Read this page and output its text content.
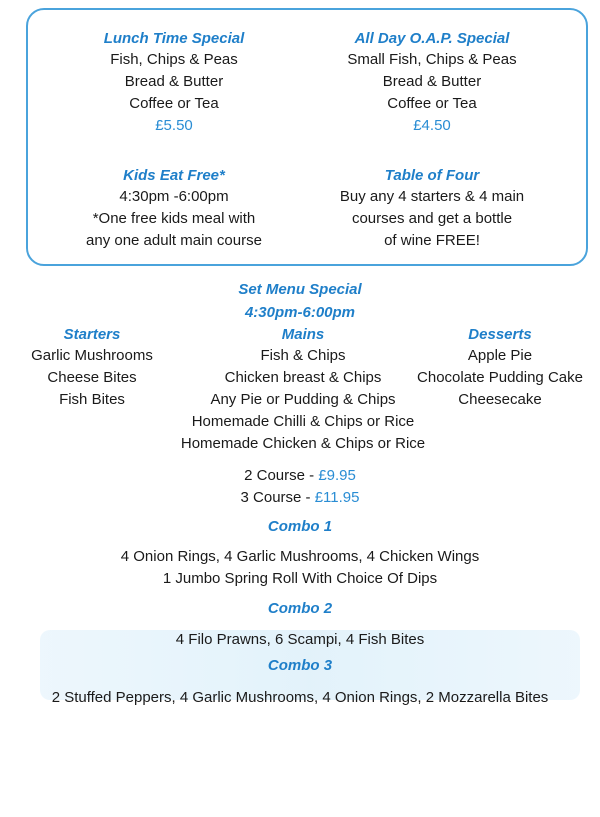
Lunch Time Special
Fish, Chips & Peas
Bread & Butter
Coffee or Tea
£5.50
All Day O.A.P. Special
Small Fish, Chips & Peas
Bread & Butter
Coffee or Tea
£4.50
Kids Eat Free*
4:30pm -6:00pm
*One free kids meal with
any one adult main course
Table of Four
Buy any 4 starters & 4 main
courses and get a bottle
of wine FREE!
Set Menu Special
4:30pm-6:00pm
Starters
Garlic Mushrooms
Cheese Bites
Fish Bites
Mains
Fish & Chips
Chicken breast & Chips
Any Pie or Pudding & Chips
Homemade Chilli & Chips or Rice
Homemade Chicken & Chips or Rice
Desserts
Apple Pie
Chocolate Pudding Cake
Cheesecake
2 Course - £9.95
3 Course - £11.95
Combo 1
4 Onion Rings, 4 Garlic Mushrooms, 4 Chicken Wings
1 Jumbo Spring Roll With Choice Of Dips
Combo 2
4 Filo Prawns, 6 Scampi, 4 Fish Bites
Combo 3
2 Stuffed Peppers, 4 Garlic Mushrooms, 4 Onion Rings, 2 Mozzarella Bites
